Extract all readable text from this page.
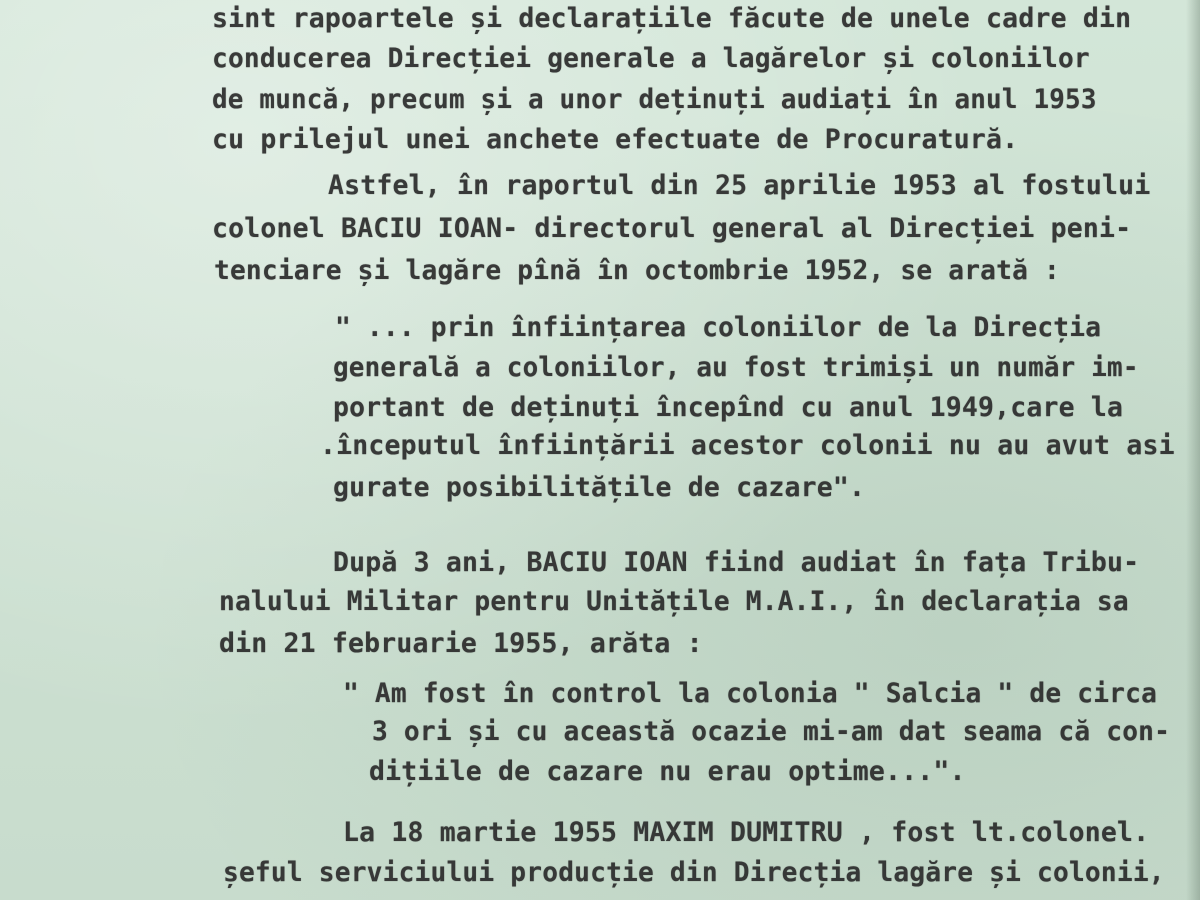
sint rapoartele și declarațiile făcute de unele cadre din
conducerea Direcției generale a lagărelor și coloniilor
de muncă, precum și a unor deținuți audiați în anul 1953
cu prilejul unei anchete efectuate de Procuratură.
Astfel, în raportul din 25 aprilie 1953 al fostului
colonel BACIU IOAN- directorul general al Direcției peni-
tenciare și lagăre pînă în octombrie 1952, se arată :
" ... prin înființarea coloniilor de la Direcția
generală a coloniilor, au fost trimiși un număr im-
portant de deținuți începînd cu anul 1949,care la
.începutul înființării acestor colonii nu au avut asi
gurate posibilitățile de cazare".
După 3 ani, BACIU IOAN fiind audiat în fața Tribu-
nalului Militar pentru Unitățile M.A.I., în declarația sa
din 21 februarie 1955, arăta :
" Am fost în control la colonia " Salcia " de circa
3 ori și cu această ocazie mi-am dat seama că con-
dițiile de cazare nu erau optime...".
La 18 martie 1955 MAXIM DUMITRU , fost lt.colonel.
șeful serviciului producție din Direcția lagăre și colonii,
